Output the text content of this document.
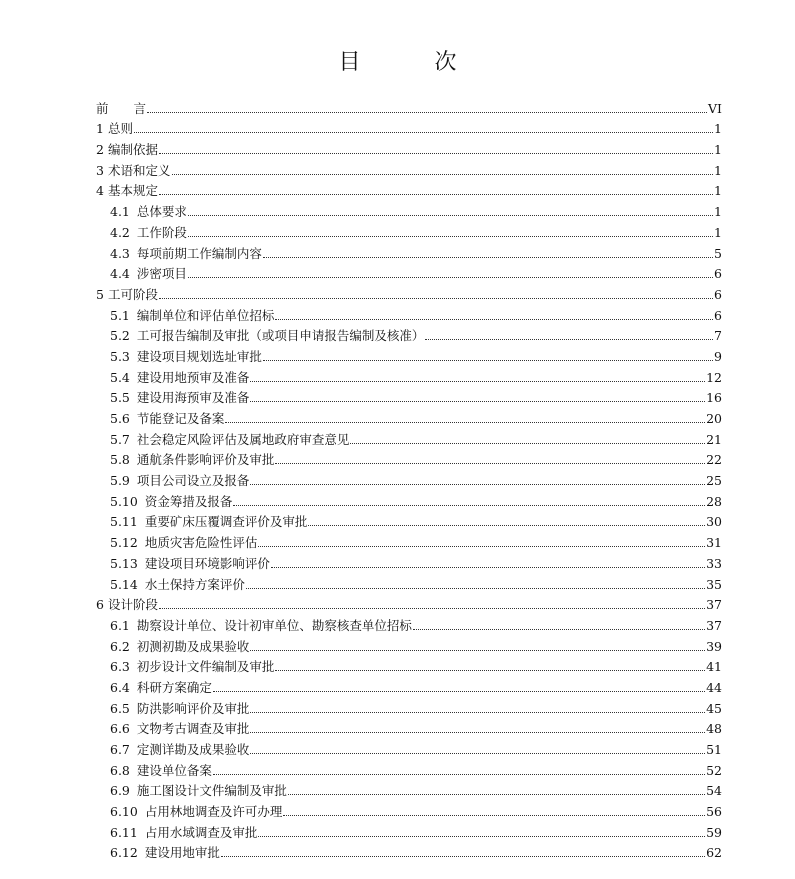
目　次
前　　言	VI
1 总则	1
2 编制依据	1
3 术语和定义	1
4 基本规定	1
4.1 总体要求	1
4.2 工作阶段	1
4.3 每项前期工作编制内容	5
4.4 涉密项目	6
5 工可阶段	6
5.1 编制单位和评估单位招标	6
5.2 工可报告编制及审批（或项目申请报告编制及核准）	7
5.3 建设项目规划选址审批	9
5.4 建设用地预审及准备	12
5.5 建设用海预审及准备	16
5.6 节能登记及备案	20
5.7 社会稳定风险评估及属地政府审查意见	21
5.8 通航条件影响评价及审批	22
5.9 项目公司设立及报备	25
5.10 资金筹措及报备	28
5.11 重要矿床压覆调查评价及审批	30
5.12 地质灾害危险性评估	31
5.13 建设项目环境影响评价	33
5.14 水土保持方案评价	35
6 设计阶段	37
6.1 勘察设计单位、设计初审单位、勘察核查单位招标	37
6.2 初测初勘及成果验收	39
6.3 初步设计文件编制及审批	41
6.4 科研方案确定	44
6.5 防洪影响评价及审批	45
6.6 文物考古调查及审批	48
6.7 定测详勘及成果验收	51
6.8 建设单位备案	52
6.9 施工图设计文件编制及审批	54
6.10 占用林地调查及许可办理	56
6.11 占用水域调查及审批	59
6.12 建设用地审批	62
